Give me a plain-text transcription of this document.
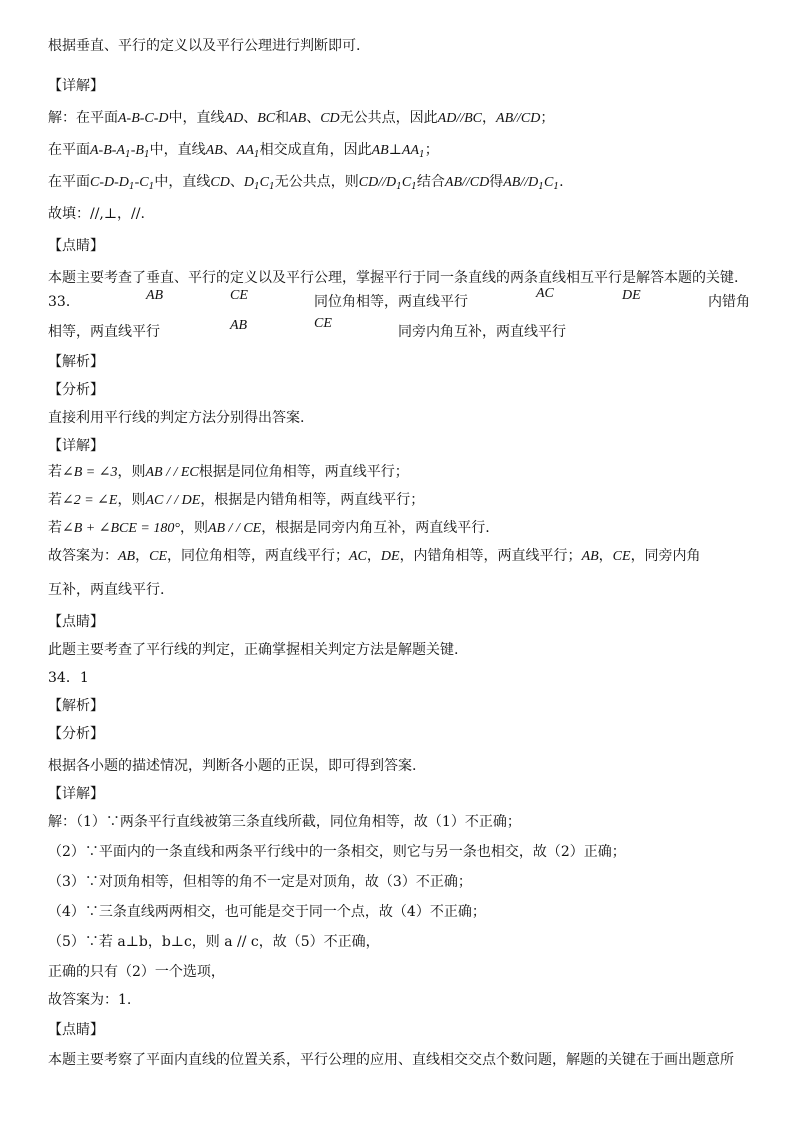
根据垂直、平行的定义以及平行公理进行判断即可.
【详解】
解：在平面A-B-C-D中，直线AD、BC和AB、CD无公共点，因此AD//BC，AB//CD；
在平面$A-B-A_1-B_1$中，直线AB、$AA_1$相交成直角，因此$AB\perp AA_1$；
在平面$C-D-D_1-C_1$中，直线CD、$D_1C_1$无公共点，则$CD//D_1C_1$结合AB//CD得$AB//D_1C_1$.
故填：//,⊥，//.
【点睛】
本题主要考查了垂直、平行的定义以及平行公理，掌握平行于同一条直线的两条直线相互平行是解答本题的关键.
33．	AB	CE	同位角相等，两直线平行
AC	DE	内错角
相等，两直线平行	AB	CE
同旁内角互补，两直线平行
【解析】
【分析】
直接利用平行线的判定方法分别得出答案.
【详解】
若∠B = ∠3，则AB / / EC根据是同位角相等，两直线平行；
若∠2 = ∠E，则AC / / DE，根据是内错角相等，两直线平行；
若∠B + ∠BCE = 180°，则AB / / CE，根据是同旁内角互补，两直线平行.
故答案为：AB，CE，同位角相等，两直线平行；AC，DE，内错角相等，两直线平行；AB，CE，同旁内角
互补，两直线平行.
【点睛】
此题主要考查了平行线的判定，正确掌握相关判定方法是解题关键.
34．1
【解析】
【分析】
根据各小题的描述情况，判断各小题的正误，即可得到答案.
【详解】
解：（1）∵两条平行直线被第三条直线所截，同位角相等，故（1）不正确；
（2）∵平面内的一条直线和两条平行线中的一条相交，则它与另一条也相交，故（2）正确；
（3）∵对顶角相等，但相等的角不一定是对顶角，故（3）不正确；
（4）∵三条直线两两相交，也可能是交于同一个点，故（4）不正确；
（5）∵若 a⊥b，b⊥c，则 a // c，故（5）不正确，
正确的只有（2）一个选项，
故答案为：1.
【点睛】
本题主要考察了平面内直线的位置关系，平行公理的应用、直线相交交点个数问题，解题的关键在于画出题意所
